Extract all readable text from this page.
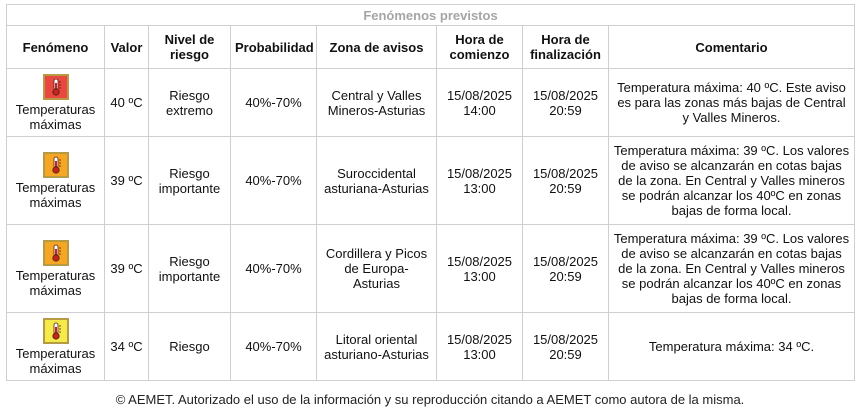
Fenómenos previstos							
Fenómeno	Valor	Nivel de riesgo	Probabilidad	Zona de avisos	Hora de comienzo	Hora de finalización	Comentario

Temperaturas máximas	40 ºC	Riesgo extremo	40%-70%	Central y Valles Mineros-Asturias	15/08/2025 14:00	15/08/2025 20:59	Temperatura máxima: 40 ºC. Este aviso es para las zonas más bajas de Central y Valles Mineros.

Temperaturas máximas	39 ºC	Riesgo importante	40%-70%	Suroccidental asturiana-Asturias	15/08/2025 13:00	15/08/2025 20:59	Temperatura máxima: 39 ºC. Los valores de aviso se alcanzarán en cotas bajas de la zona. En Central y Valles mineros se podrán alcanzar los 40ºC en zonas bajas de forma local.

Temperaturas máximas	39 ºC	Riesgo importante	40%-70%	Cordillera y Picos de Europa-Asturias	15/08/2025 13:00	15/08/2025 20:59	Temperatura máxima: 39 ºC. Los valores de aviso se alcanzarán en cotas bajas de la zona. En Central y Valles mineros se podrán alcanzar los 40ºC en zonas bajas de forma local.

Temperaturas máximas	34 ºC	Riesgo	40%-70%	Litoral oriental asturiano-Asturias	15/08/2025 13:00	15/08/2025 20:59	Temperatura máxima: 34 ºC.
© AEMET. Autorizado el uso de la información y su reproducción citando a AEMET como autora de la misma.
